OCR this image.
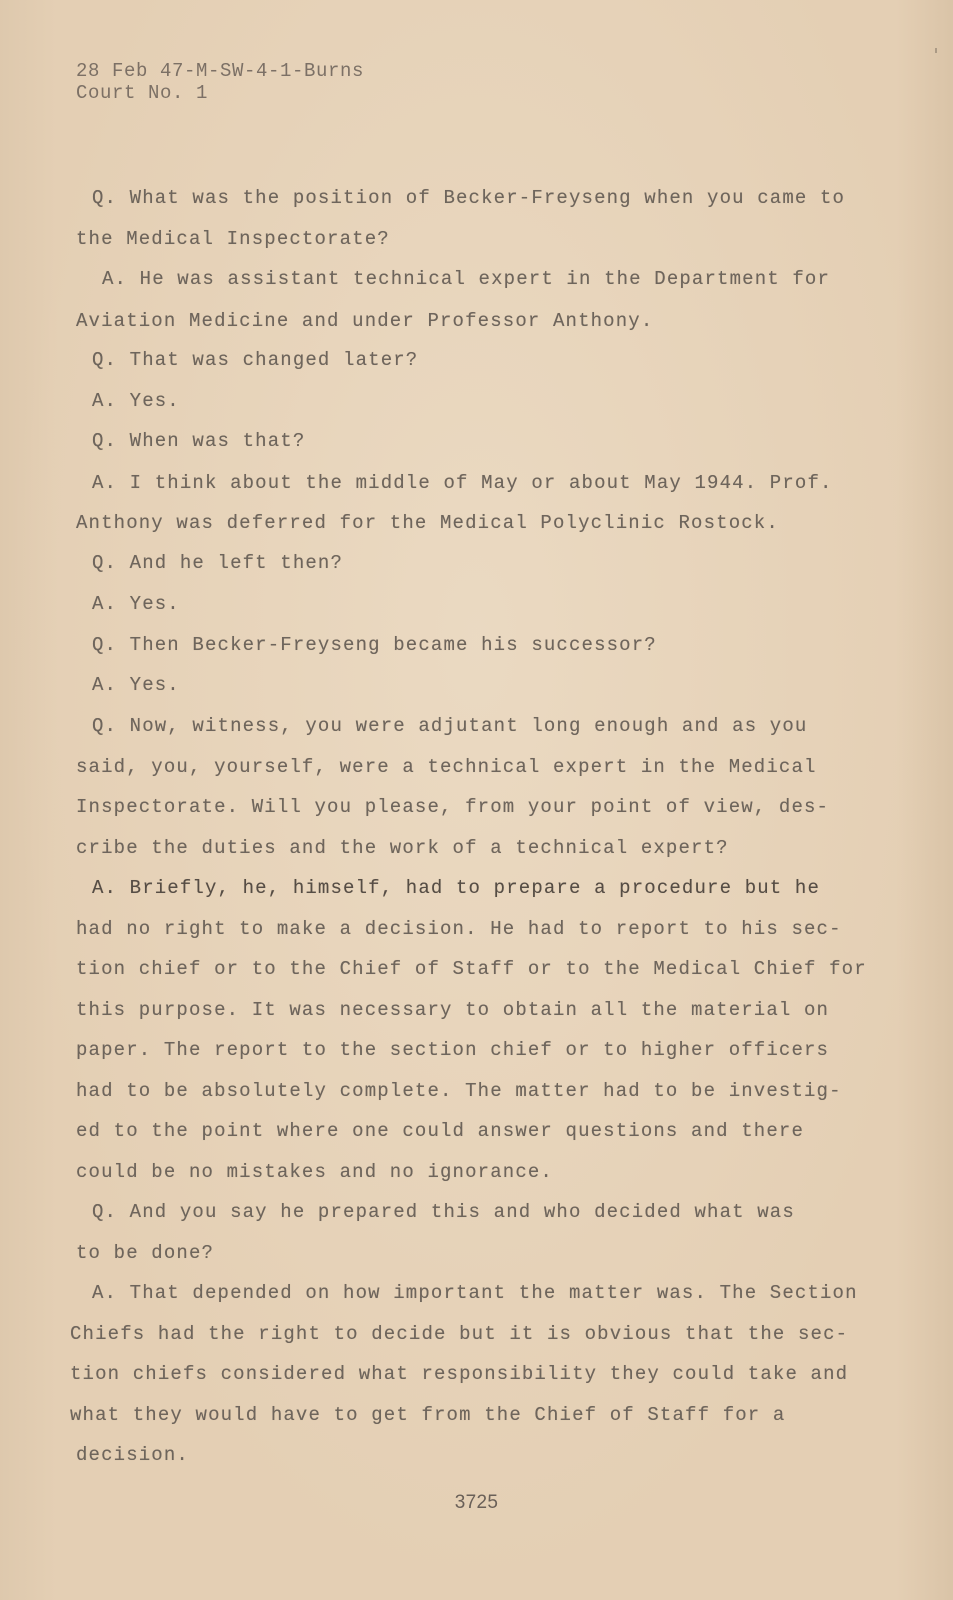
28 Feb 47-M-SW-4-1-Burns
Court No. 1
Q. What was the position of Becker-Freyseng when you came to
the Medical Inspectorate?
A. He was assistant technical expert in the Department for
Aviation Medicine and under Professor Anthony.
Q. That was changed later?
A. Yes.
Q. When was that?
A. I think about the middle of May or about May 1944. Prof.
Anthony was deferred for the Medical Polyclinic Rostock.
Q. And he left then?
A. Yes.
Q. Then Becker-Freyseng became his successor?
A. Yes.
Q. Now, witness, you were adjutant long enough and as you
said, you, yourself, were a technical expert in the Medical
Inspectorate. Will you please, from your point of view, des-
cribe the duties and the work of a technical expert?
A. Briefly, he, himself, had to prepare a procedure but he
had no right to make a decision. He had to report to his sec-
tion chief or to the Chief of Staff or to the Medical Chief for
this purpose. It was necessary to obtain all the material on
paper. The report to the section chief or to higher officers
had to be absolutely complete. The matter had to be investig-
ed to the point where one could answer questions and there
could be no mistakes and no ignorance.
Q. And you say he prepared this and who decided what was
to be done?
A. That depended on how important the matter was. The Section
Chiefs had the right to decide but it is obvious that the sec-
tion chiefs considered what responsibility they could take and
what they would have to get from the Chief of Staff for a
decision.
3725
